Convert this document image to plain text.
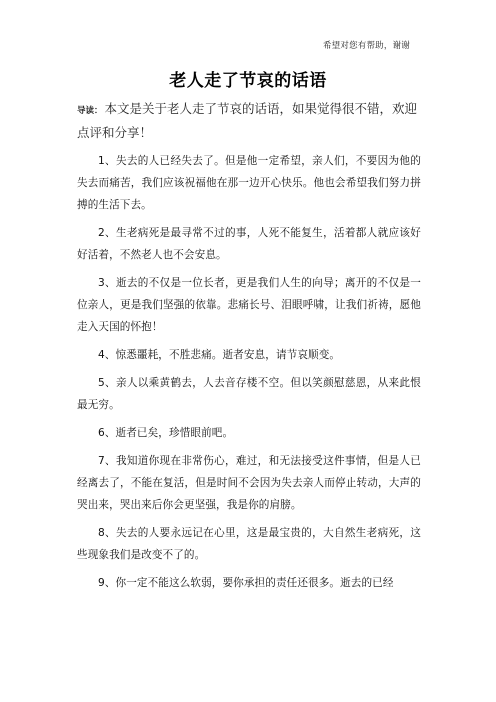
希望对您有帮助，谢谢
老人走了节哀的话语
导读： 本文是关于老人走了节哀的话语，如果觉得很不错，欢迎点评和分享！

1、失去的人已经失去了。但是他一定希望，亲人们，不要因为他的失去而痛苦，我们应该祝福他在那一边开心快乐。他也会希望我们努力拼搏的生活下去。

2、生老病死是最寻常不过的事，人死不能复生，活着都人就应该好好活着，不然老人也不会安息。

3、逝去的不仅是一位长者，更是我们人生的向导；离开的不仅是一位亲人，更是我们坚强的依靠。悲痛长号、泪眼呼啸，让我们祈祷，愿他走入天国的怀抱！

4、惊悉噩耗，不胜悲痛。逝者安息，请节哀顺变。

5、亲人以乘黄鹤去，人去音存楼不空。但以笑颜慰慈恩，从来此恨最无穷。

6、逝者已矣，珍惜眼前吧。

7、我知道你现在非常伤心，难过，和无法接受这件事情，但是人已经离去了，不能在复活，但是时间不会因为失去亲人而停止转动，大声的哭出来，哭出来后你会更坚强，我是你的肩膀。

8、失去的人要永远记在心里，这是最宝贵的，大自然生老病死，这些现象我们是改变不了的。

9、你一定不能这么软弱，要你承担的责任还很多。逝去的已经
